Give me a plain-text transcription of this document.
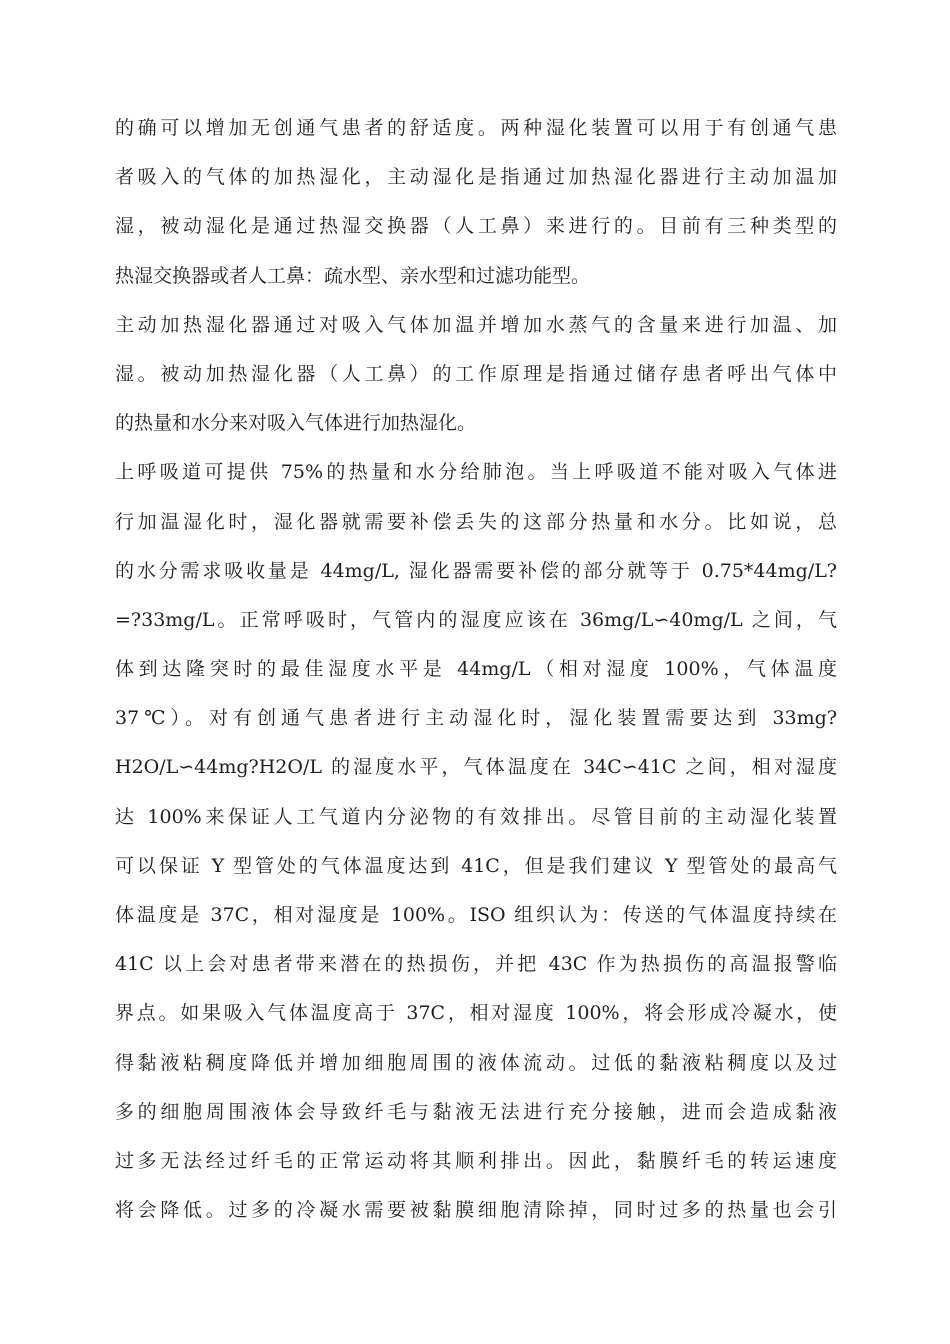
的确可以增加无创通气患者的舒适度。两种湿化装置可以用于有创通气患
者吸入的气体的加热湿化，主动湿化是指通过加热湿化器进行主动加温加
湿，被动湿化是通过热湿交换器（人工鼻）来进行的。目前有三种类型的
热湿交换器或者人工鼻：疏水型、亲水型和过滤功能型。
主动加热湿化器通过对吸入气体加温并增加水蒸气的含量来进行加温、加
湿。被动加热湿化器（人工鼻）的工作原理是指通过储存患者呼出气体中
的热量和水分来对吸入气体进行加热湿化。
上呼吸道可提供 75%的热量和水分给肺泡。当上呼吸道不能对吸入气体进
行加温湿化时，湿化器就需要补偿丢失的这部分热量和水分。比如说，总
的水分需求吸收量是 44mg/L, 湿化器需要补偿的部分就等于 0.75*44mg/L?
=?33mg/L。正常呼吸时，气管内的湿度应该在 36mg/L∽40mg/L 之间，气
体到达隆突时的最佳湿度水平是 44mg/L（相对湿度 100%，气体温度
37℃）。对有创通气患者进行主动湿化时，湿化装置需要达到 33mg?
H2O/L∽44mg?H2O/L 的湿度水平，气体温度在 34C∽41C 之间，相对湿度
达 100%来保证人工气道内分泌物的有效排出。尽管目前的主动湿化装置
可以保证 Y 型管处的气体温度达到 41C，但是我们建议 Y 型管处的最高气
体温度是 37C，相对湿度是 100%。ISO 组织认为：传送的气体温度持续在
41C 以上会对患者带来潜在的热损伤，并把 43C 作为热损伤的高温报警临
界点。如果吸入气体温度高于 37C，相对湿度 100%，将会形成冷凝水，使
得黏液粘稠度降低并增加细胞周围的液体流动。过低的黏液粘稠度以及过
多的细胞周围液体会导致纤毛与黏液无法进行充分接触，进而会造成黏液
过多无法经过纤毛的正常运动将其顺利排出。因此，黏膜纤毛的转运速度
将会降低。过多的冷凝水需要被黏膜细胞清除掉，同时过多的热量也会引
